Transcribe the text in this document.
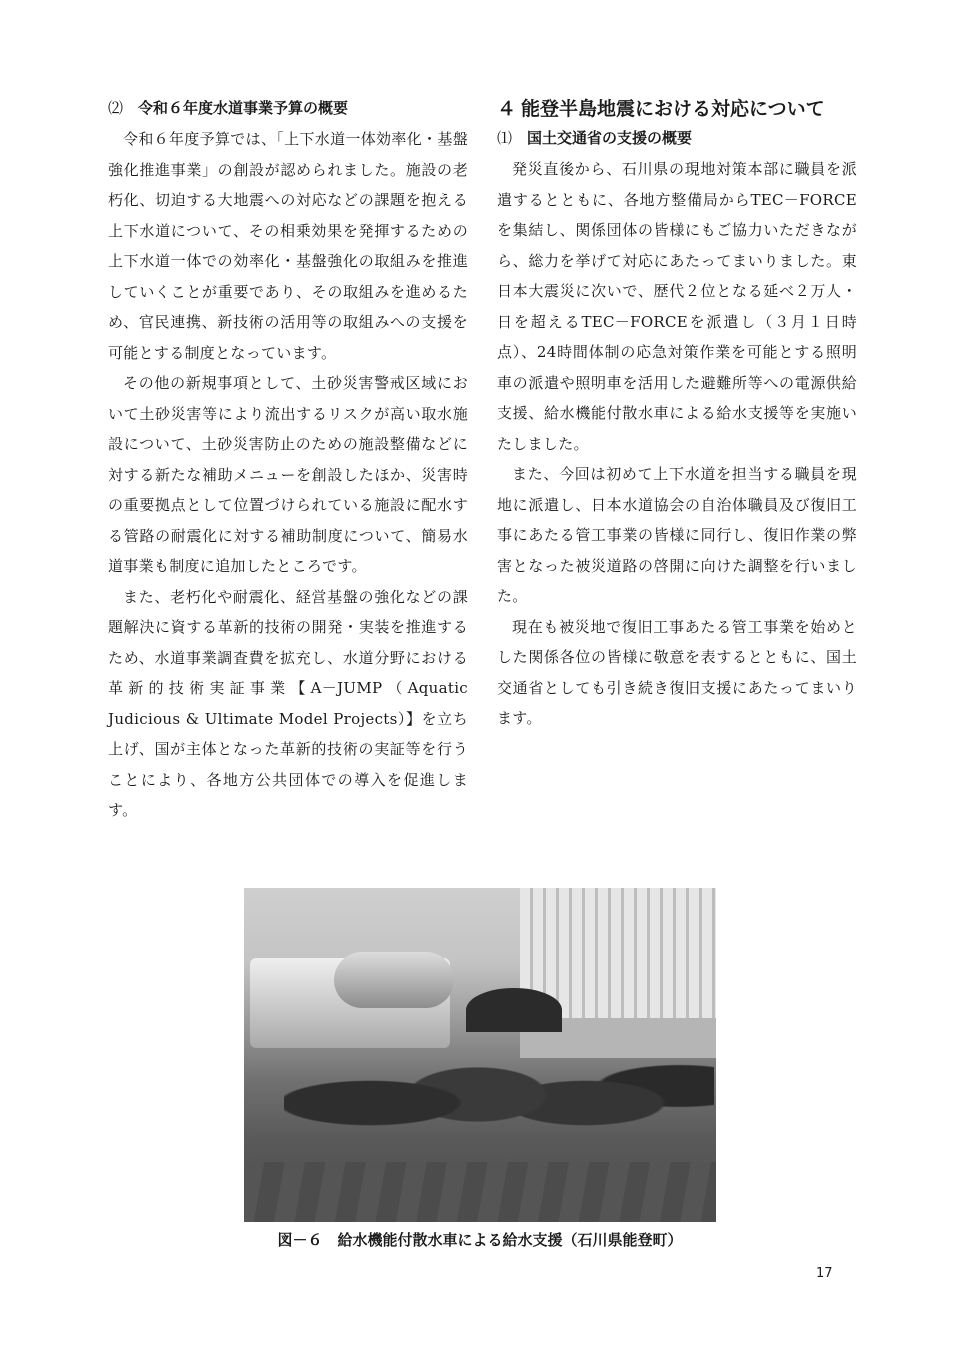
⑵ 令和６年度水道事業予算の概要

令和６年度予算では、「上下水道一体効率化・基盤強化推進事業」の創設が認められました。施設の老朽化、切迫する大地震への対応などの課題を抱える上下水道について、その相乗効果を発揮するための上下水道一体での効率化・基盤強化の取組みを推進していくことが重要であり、その取組みを進めるため、官民連携、新技術の活用等の取組みへの支援を可能とする制度となっています。

その他の新規事項として、土砂災害警戒区域において土砂災害等により流出するリスクが高い取水施設について、土砂災害防止のための施設整備などに対する新たな補助メニューを創設したほか、災害時の重要拠点として位置づけられている施設に配水する管路の耐震化に対する補助制度について、簡易水道事業も制度に追加したところです。

また、老朽化や耐震化、経営基盤の強化などの課題解決に資する革新的技術の開発・実装を推進するため、水道事業調査費を拡充し、水道分野における革新的技術実証事業【A－JUMP（Aquatic Judicious & Ultimate Model Projects）】を立ち上げ、国が主体となった革新的技術の実証等を行うことにより、各地方公共団体での導入を促進します。

４ 能登半島地震における対応について
⑴ 国土交通省の支援の概要

発災直後から、石川県の現地対策本部に職員を派遣するとともに、各地方整備局からTEC－FORCEを集結し、関係団体の皆様にもご協力いただきながら、総力を挙げて対応にあたってまいりました。東日本大震災に次いで、歴代２位となる延べ２万人・日を超えるTEC－FORCEを派遣し（３月１日時点）、24時間体制の応急対策作業を可能とする照明車の派遣や照明車を活用した避難所等への電源供給支援、給水機能付散水車による給水支援等を実施いたしました。

また、今回は初めて上下水道を担当する職員を現地に派遣し、日本水道協会の自治体職員及び復旧工事にあたる管工事業の皆様に同行し、復旧作業の弊害となった被災道路の啓開に向けた調整を行いました。

現在も被災地で復旧工事あたる管工事業を始めとした関係各位の皆様に敬意を表するとともに、国土交通省としても引き続き復旧支援にあたってまいります。

図－６　給水機能付散水車による給水支援（石川県能登町）
17
